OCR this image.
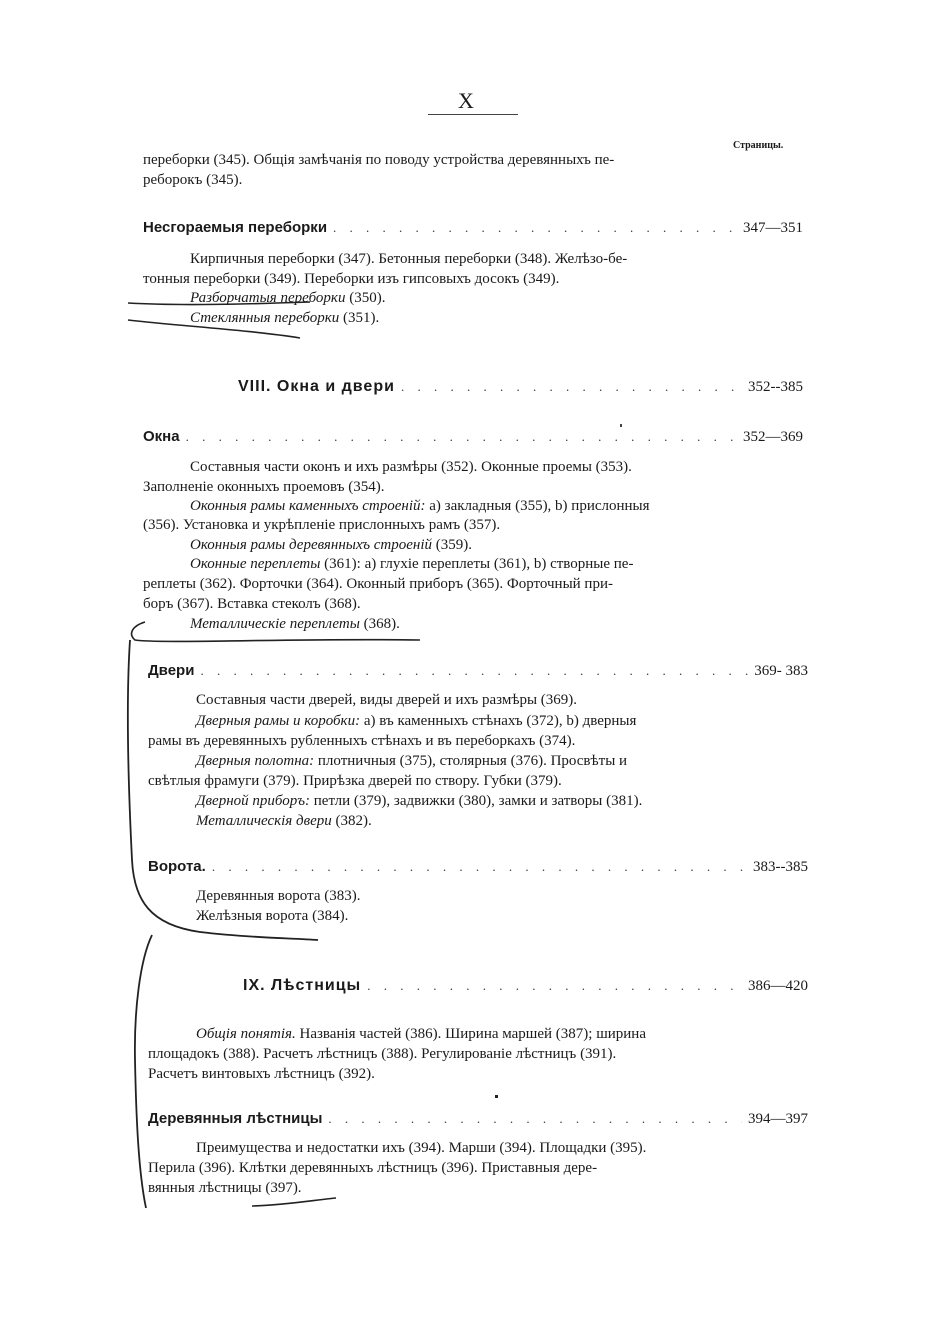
X
Страницы.
переборки (345). Общія замѣчанія по поводу устройства деревянныхъ пе-
реборокъ (345).
Несгораемыя переборки . . .	347—351
Кирпичныя переборки (347). Бетонныя переборки (348). Желѣзо-бе-
тонныя переборки (349). Переборки изъ гипсовыхъ досокъ (349).
Разборчатыя переборки (350).
Стеклянныя переборки (351).
VIII. Окна и двери . . .	352--385
Окна . . .	352—369
Составныя части оконъ и ихъ размѣры (352). Оконные проемы (353).
Заполненіе оконныхъ проемовъ (354).
Оконныя рамы каменныхъ строеній: a) закладныя (355), b) прислонныя
(356). Установка и укрѣпленіе прислонныхъ рамъ (357).
Оконныя рамы деревянныхъ строеній (359).
Оконные переплеты (361): a) глухіе переплеты (361), b) створные пе-
реплеты (362). Форточки (364). Оконный приборъ (365). Форточный при-
боръ (367). Вставка стеколъ (368).
Металлическіе переплеты (368).
Двери . . .	369- 383
Составныя части дверей, виды дверей и ихъ размѣры (369).
Дверныя рамы и коробки: a) въ каменныхъ стѣнахъ (372), b) дверныя
рамы въ деревянныхъ рубленныхъ стѣнахъ и въ переборкахъ (374).
Дверныя полотна: плотничныя (375), столярныя (376). Просвѣты и
свѣтлыя фрамуги (379). Прирѣзка дверей по створу. Губки (379).
Дверной приборъ: петли (379), задвижки (380), замки и затворы (381).
Металлическія двери (382).
Ворота. . . .	383--385
Деревянныя ворота (383).
Желѣзныя ворота (384).
IX. Лѣстницы . . .	386—420
Общія понятія. Названія частей (386). Ширина маршей (387); ширина
площадокъ (388). Расчетъ лѣстницъ (388). Регулированіе лѣстницъ (391).
Расчетъ винтовыхъ лѣстницъ (392).
Деревянныя лѣстницы . . .	394—397
Преимущества и недостатки ихъ (394). Марши (394). Площадки (395).
Перила (396). Клѣтки деревянныхъ лѣстницъ (396). Приставныя дере-
вянныя лѣстницы (397).
